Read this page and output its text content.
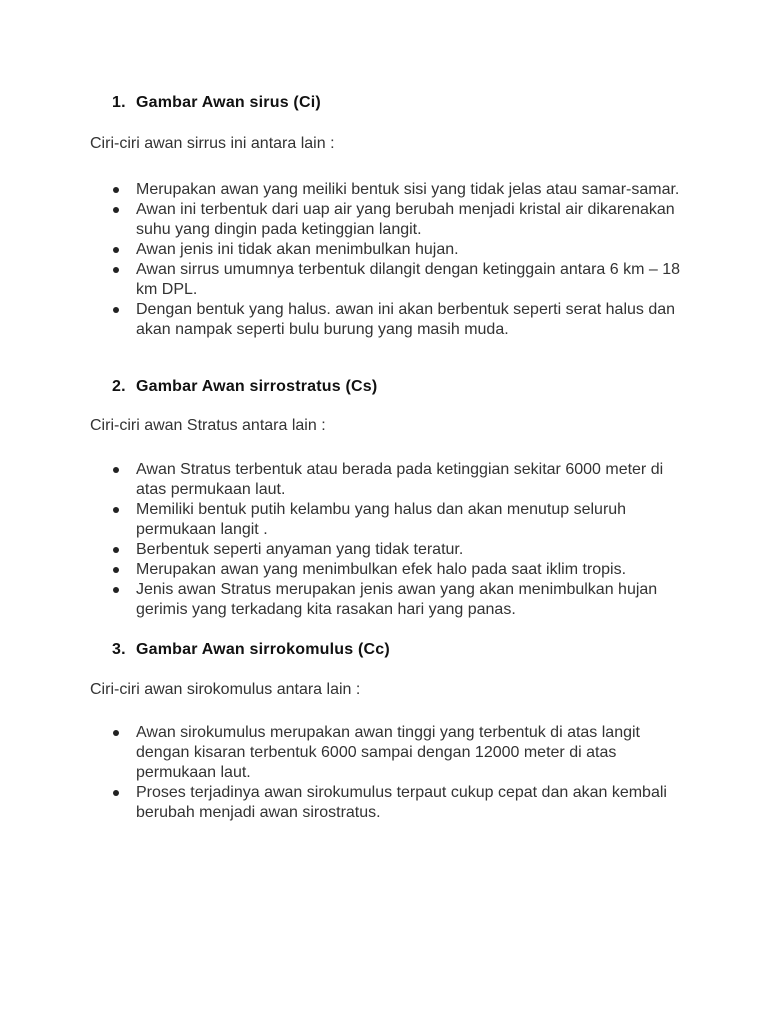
1. Gambar Awan sirus (Ci)
Ciri-ciri awan sirrus ini antara lain :
Merupakan awan yang meiliki bentuk sisi yang tidak jelas atau samar-samar.
Awan ini terbentuk dari uap air yang berubah menjadi kristal air dikarenakan suhu yang dingin pada ketinggian langit.
Awan jenis ini tidak akan menimbulkan hujan.
Awan sirrus umumnya terbentuk dilangit dengan ketinggain antara 6 km – 18 km DPL.
Dengan bentuk yang halus. awan ini akan berbentuk seperti serat halus dan akan nampak seperti bulu burung yang masih muda.
2. Gambar Awan sirrostratus (Cs)
Ciri-ciri awan Stratus antara lain :
Awan Stratus terbentuk atau berada pada ketinggian sekitar 6000 meter di atas permukaan laut.
Memiliki bentuk putih kelambu yang halus dan akan menutup seluruh permukaan langit .
Berbentuk seperti anyaman yang tidak teratur.
Merupakan awan yang menimbulkan efek halo pada saat iklim tropis.
Jenis awan Stratus merupakan jenis awan yang akan menimbulkan hujan gerimis yang terkadang kita rasakan hari yang panas.
3. Gambar Awan sirrokomulus (Cc)
Ciri-ciri awan sirokomulus antara lain :
Awan sirokumulus merupakan awan tinggi yang terbentuk di atas langit dengan kisaran terbentuk 6000 sampai dengan 12000 meter di atas permukaan laut.
Proses terjadinya awan sirokumulus terpaut cukup cepat dan akan kembali berubah menjadi awan sirostratus.
